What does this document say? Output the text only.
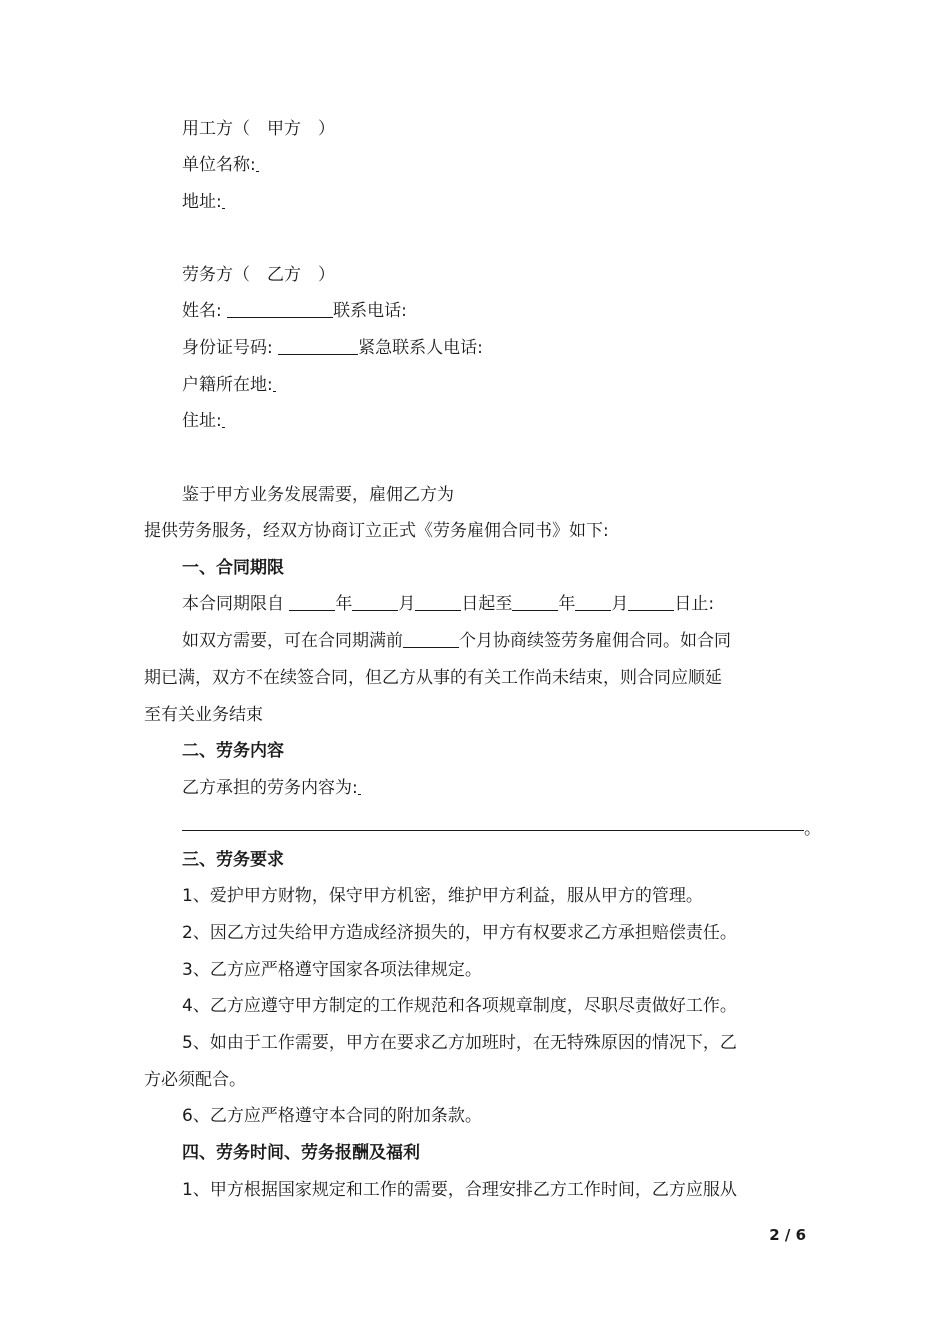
用工方（　甲方　）
单位名称:
地址:
劳务方（　乙方　）
姓名:	联系电话:
身份证号码:	紧急联系人电话:
户籍所在地:
住址:
鉴于甲方业务发展需要，雇佣乙方为
提供劳务服务，经双方协商订立正式《劳务雇佣合同书》如下:
一、合同期限
本合同期限自	年	月	日起至	年 月	日止:
如双方需要，可在合同期满前	个月协商续签劳务雇佣合同。如合同
期已满，双方不在续签合同，但乙方从事的有关工作尚未结束，则合同应顺延
至有关业务结束
二、劳务内容
乙方承担的劳务内容为:
。
三、劳务要求
1、爱护甲方财物，保守甲方机密，维护甲方利益，服从甲方的管理。
2、因乙方过失给甲方造成经济损失的，甲方有权要求乙方承担赔偿责任。
3、乙方应严格遵守国家各项法律规定。
4、乙方应遵守甲方制定的工作规范和各项规章制度，尽职尽责做好工作。
5、如由于工作需要，甲方在要求乙方加班时，在无特殊原因的情况下，乙
方必须配合。
6、乙方应严格遵守本合同的附加条款。
四、劳务时间、劳务报酬及福利
1、甲方根据国家规定和工作的需要，合理安排乙方工作时间，乙方应服从
2 / 6
